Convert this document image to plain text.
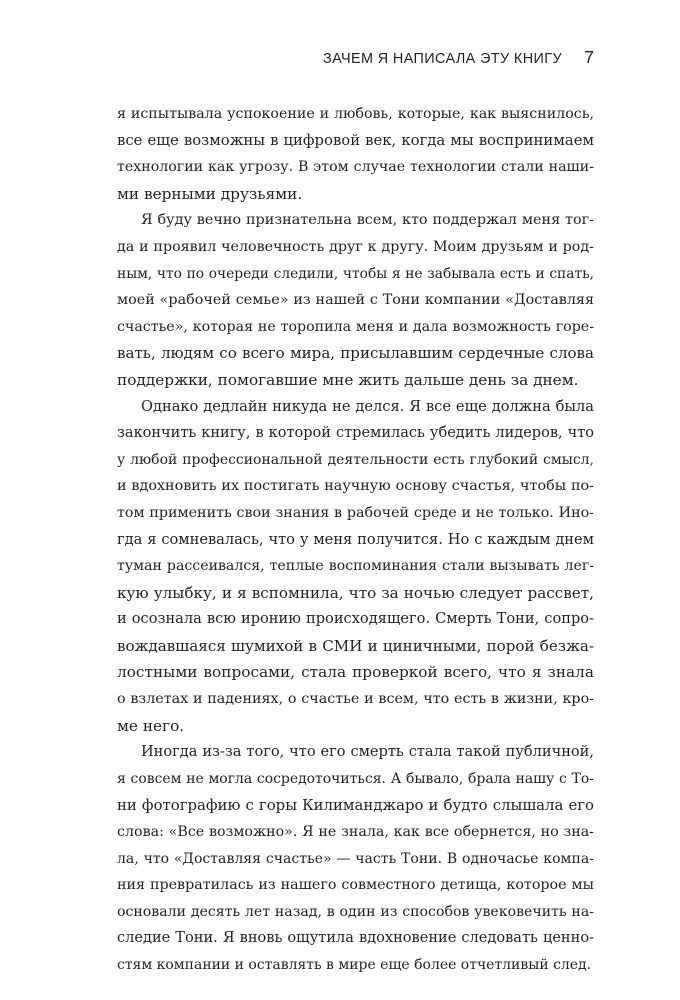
ЗАЧЕМ Я НАПИСАЛА ЭТУ КНИГУ 7
я испытывала успокоение и любовь, которые, как выяснилось,
все еще возможны в цифровой век, когда мы воспринимаем
технологии как угрозу. В этом случае технологии стали наши-
ми верными друзьями.
Я буду вечно признательна всем, кто поддержал меня тог-
да и проявил человечность друг к другу. Моим друзьям и род-
ным, что по очереди следили, чтобы я не забывала есть и спать,
моей «рабочей семье» из нашей с Тони компании «Доставляя
счастье», которая не торопила меня и дала возможность горе-
вать, людям со всего мира, присылавшим сердечные слова
поддержки, помогавшие мне жить дальше день за днем.
Однако дедлайн никуда не делся. Я все еще должна была
закончить книгу, в которой стремилась убедить лидеров, что
у любой профессиональной деятельности есть глубокий смысл,
и вдохновить их постигать научную основу счастья, чтобы по-
том применить свои знания в рабочей среде и не только. Ино-
гда я сомневалась, что у меня получится. Но с каждым днем
туман рассеивался, теплые воспоминания стали вызывать лег-
кую улыбку, и я вспомнила, что за ночью следует рассвет,
и осознала всю иронию происходящего. Смерть Тони, сопро-
вождавшаяся шумихой в СМИ и циничными, порой безжа-
лостными вопросами, стала проверкой всего, что я знала
о взлетах и падениях, о счастье и всем, что есть в жизни, кро-
ме него.
Иногда из-за того, что его смерть стала такой публичной,
я совсем не могла сосредоточиться. А бывало, брала нашу с То-
ни фотографию с горы Килиманджаро и будто слышала его
слова: «Все возможно». Я не знала, как все обернется, но зна-
ла, что «Доставляя счастье» — часть Тони. В одночасье компа-
ния превратилась из нашего совместного детища, которое мы
основали десять лет назад, в один из способов увековечить на-
следие Тони. Я вновь ощутила вдохновение следовать ценно-
стям компании и оставлять в мире еще более отчетливый след.
